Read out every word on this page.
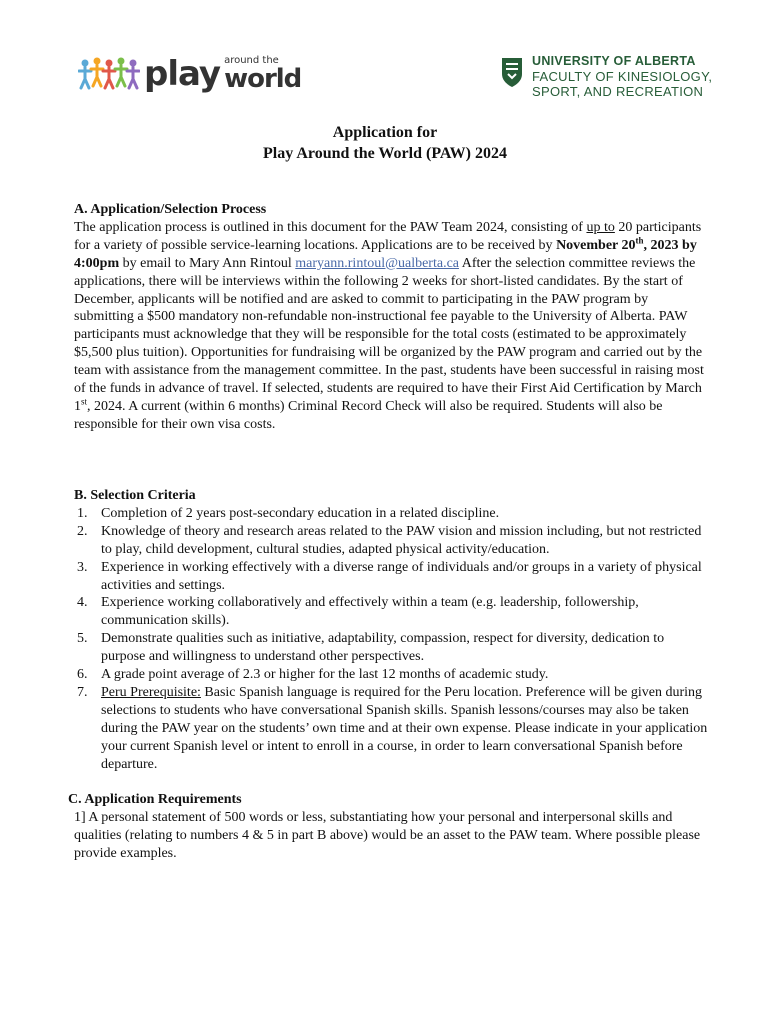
play around the
world
UNIVERSITY OF ALBERTA
FACULTY OF KINESIOLOGY,
SPORT, AND RECREATION
Application for
Play Around the World (PAW) 2024
A. Application/Selection Process

The application process is outlined in this document for the PAW Team 2024, consisting of up to 20 participants for a variety of possible service-learning locations. Applications are to be received by November 20th, 2023 by 4:00pm by email to Mary Ann Rintoul maryann.rintoul@ualberta.ca After the selection committee reviews the applications, there will be interviews within the following 2 weeks for short-listed candidates. By the start of December, applicants will be notified and are asked to commit to participating in the PAW program by submitting a $500 mandatory non-refundable non-instructional fee payable to the University of Alberta. PAW participants must acknowledge that they will be responsible for the total costs (estimated to be approximately $5,500 plus tuition). Opportunities for fundraising will be organized by the PAW program and carried out by the team with assistance from the management committee. In the past, students have been successful in raising most of the funds in advance of travel. If selected, students are required to have their First Aid Certification by March 1st, 2024. A current (within 6 months) Criminal Record Check will also be required. Students will also be responsible for their own visa costs.

B. Selection Criteria
1. Completion of 2 years post-secondary education in a related discipline.
2. Knowledge of theory and research areas related to the PAW vision and mission including, but not restricted to play, child development, cultural studies, adapted physical activity/education.
3. Experience in working effectively with a diverse range of individuals and/or groups in a variety of physical activities and settings.
4. Experience working collaboratively and effectively within a team (e.g. leadership, followership, communication skills).
5. Demonstrate qualities such as initiative, adaptability, compassion, respect for diversity, dedication to purpose and willingness to understand other perspectives.
6. A grade point average of 2.3 or higher for the last 12 months of academic study.
7. Peru Prerequisite: Basic Spanish language is required for the Peru location. Preference will be given during selections to students who have conversational Spanish skills. Spanish lessons/courses may also be taken during the PAW year on the students’ own time and at their own expense. Please indicate in your application your current Spanish level or intent to enroll in a course, in order to learn conversational Spanish before departure.
C. Application Requirements

1] A personal statement of 500 words or less, substantiating how your personal and interpersonal skills and qualities (relating to numbers 4 & 5 in part B above) would be an asset to the PAW team. Where possible please provide examples.
